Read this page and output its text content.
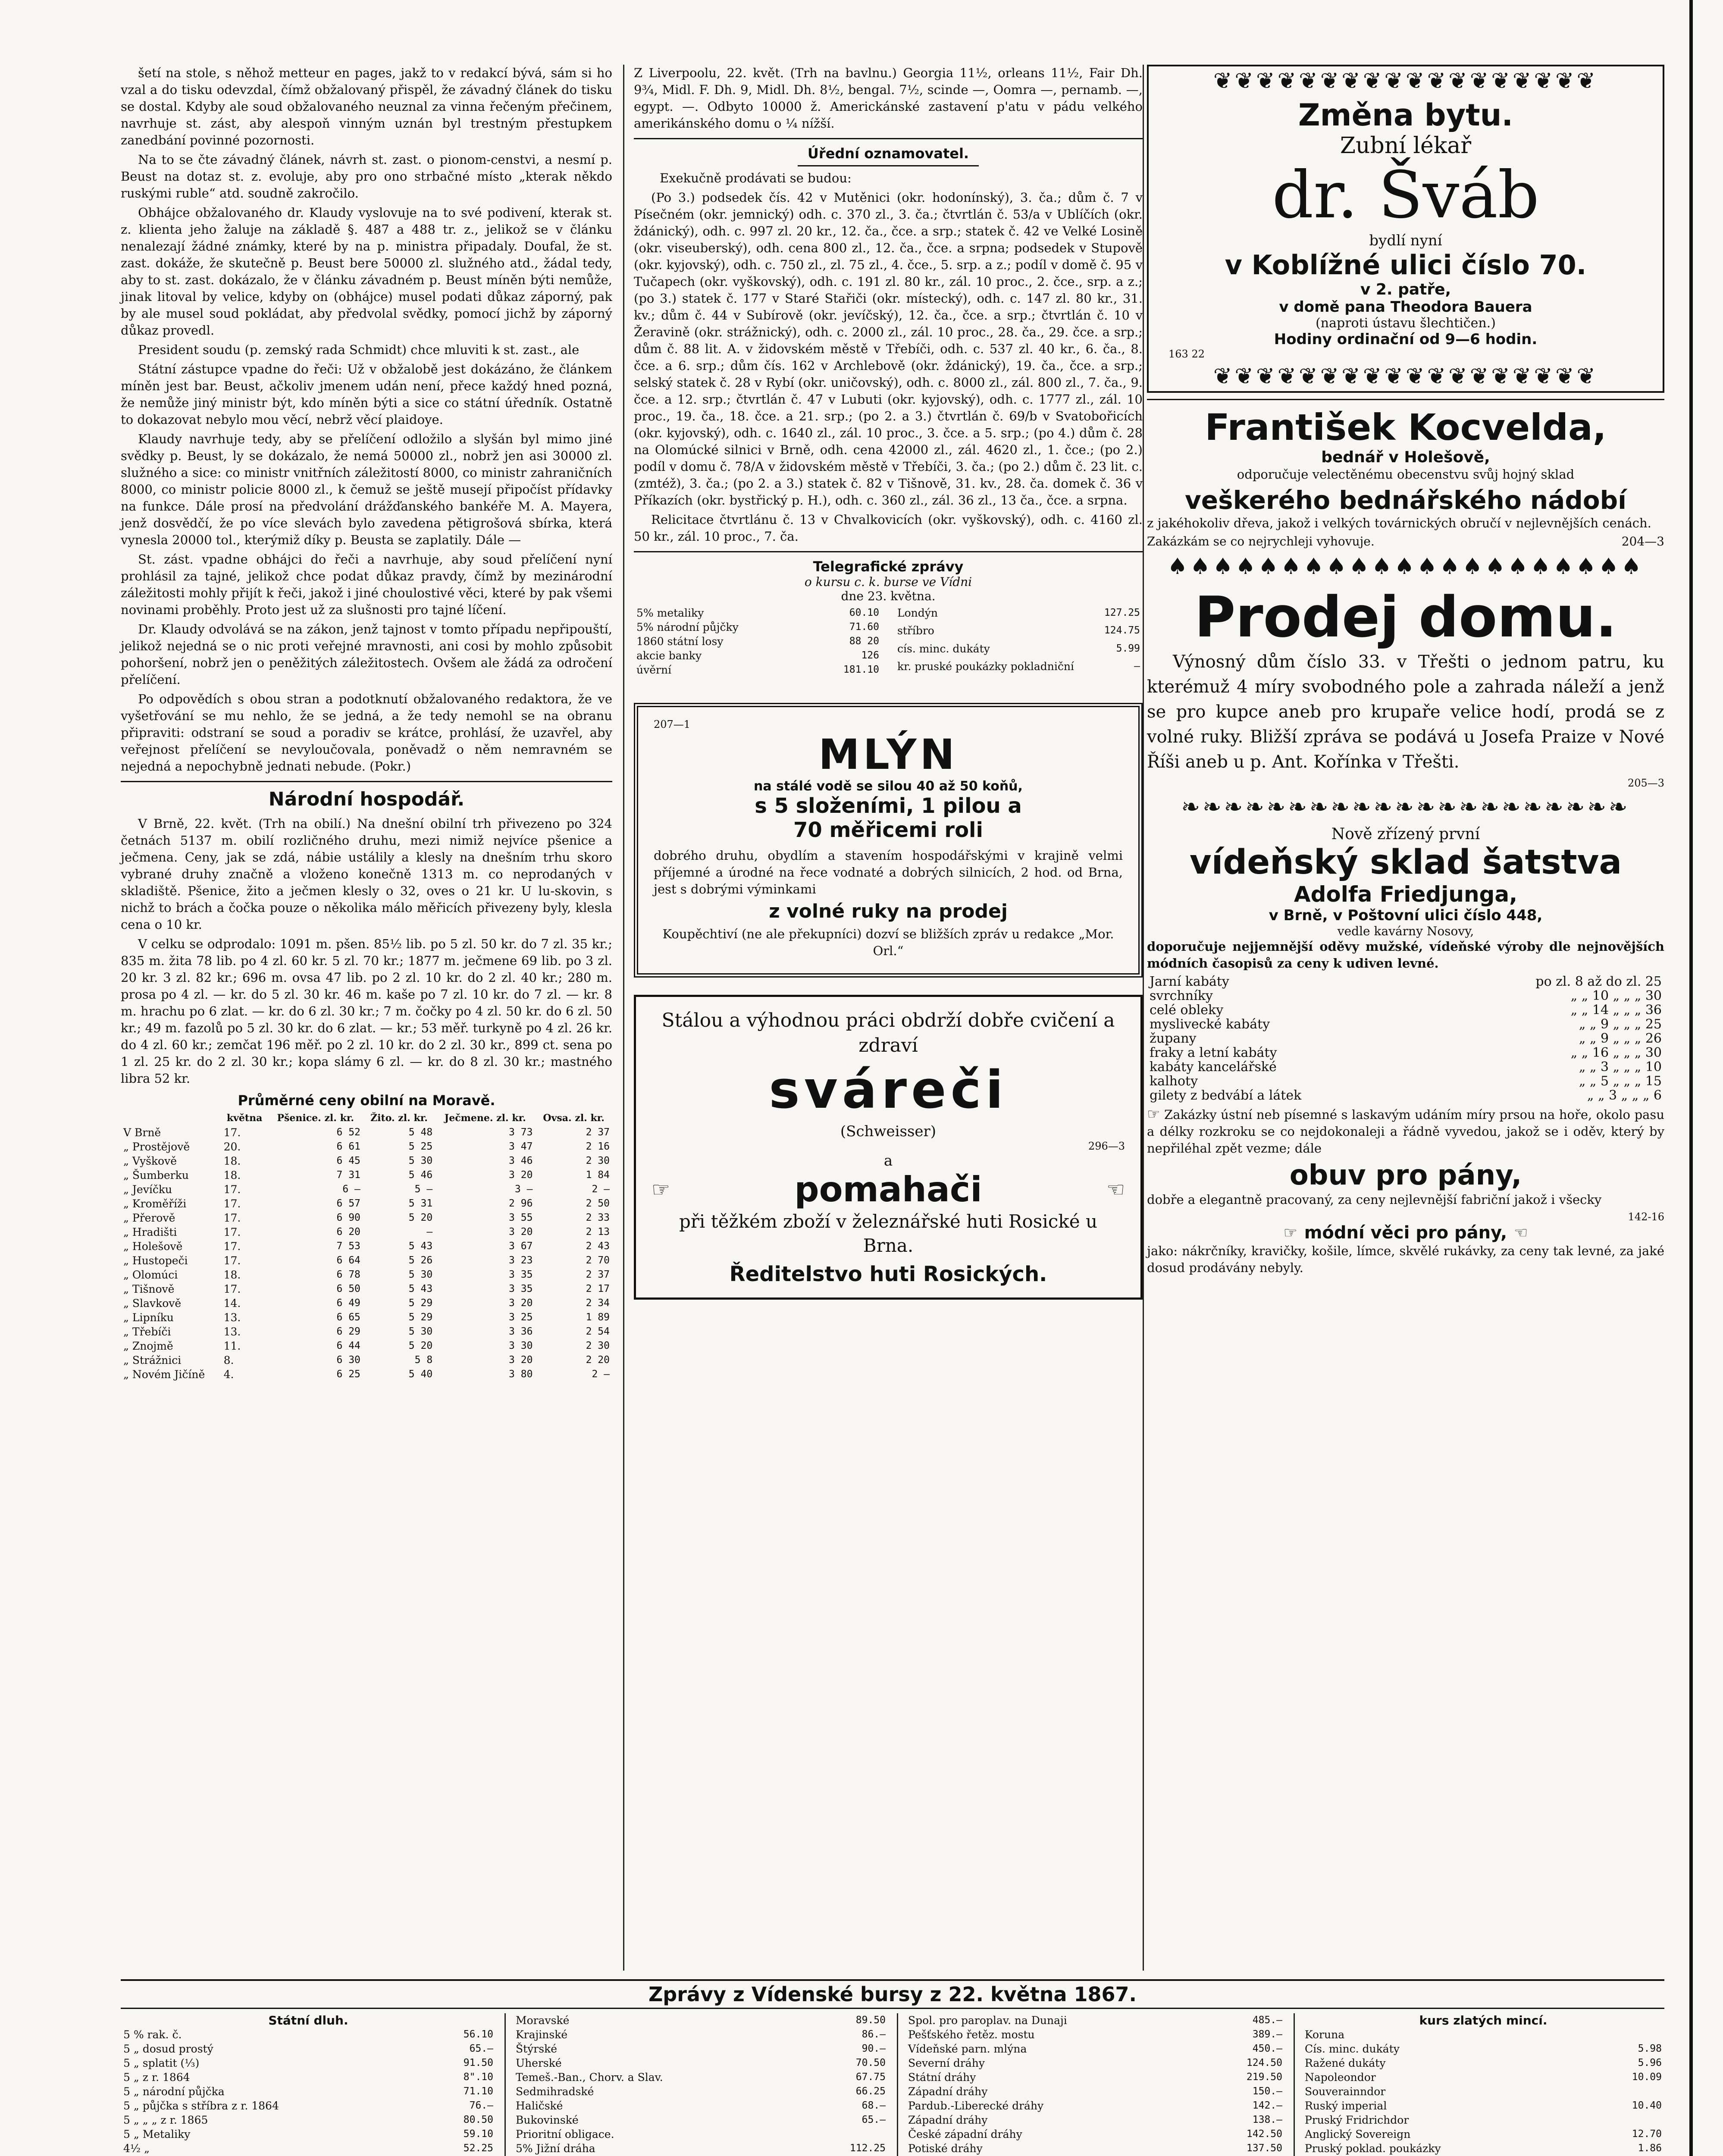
šetí na stole, s něhož metteur en pages, jakž to v redakcí bývá, sám si ho vzal a do tisku odevzdal, čímž obžalovaný přispěl, že závadný článek do tisku se dostal. Kdyby ale soud obžalovaného neuznal za vinna řečeným přečinem, navrhuje st. zást, aby alespoň vinným uznán byl trestným přestupkem zanedbání povinné pozornosti.

Na to se čte závadný článek, návrh st. zast. o pionom-censtvi, a nesmí p. Beust na dotaz st. z. evoluje, aby pro ono strbačné místo „kterak někdo ruskými ruble“ atd. soudně zakročilo.

Obhájce obžalovaného dr. Klaudy vyslovuje na to své podivení, kterak st. z. klienta jeho žaluje na základě §. 487 a 488 tr. z., jelikož se v článku nenalezají žádné známky, které by na p. ministra připadaly. Doufal, že st. zast. dokáže, že skutečně p. Beust bere 50000 zl. služného atd., žádal tedy, aby to st. zast. dokázalo, že v článku závadném p. Beust míněn býti nemůže, jinak litoval by velice, kdyby on (obhájce) musel podati důkaz záporný, pak by ale musel soud pokládat, aby předvolal svědky, pomocí jichž by záporný důkaz provedl.

President soudu (p. zemský rada Schmidt) chce mluviti k st. zast., ale

Státní zástupce vpadne do řeči: Už v obžalobě jest dokázáno, že článkem míněn jest bar. Beust, ačkoliv jmenem udán není, přece každý hned pozná, že nemůže jiný ministr být, kdo míněn býti a sice co státní úředník. Ostatně to dokazovat nebylo mou věcí, nebrž věcí plaidoye.

Klaudy navrhuje tedy, aby se přelíčení odložilo a slyšán byl mimo jiné svědky p. Beust, ly se dokázalo, že nemá 50000 zl., nobrž jen asi 30000 zl. služného a sice: co ministr vnitřních záležitostí 8000, co ministr zahraničních 8000, co ministr policie 8000 zl., k čemuž se ještě musejí připočíst přídavky na funkce. Dále prosí na předvolání drážďanského bankéře M. A. Mayera, jenž dosvědčí, že po více slevách bylo zavedena pětigrošová sbírka, která vynesla 20000 tol., kterýmiž díky p. Beusta se zaplatily. Dále —

St. zást. vpadne obhájci do řeči a navrhuje, aby soud přelíčení nyní prohlásil za tajné, jelikož chce podat důkaz pravdy, čímž by mezinárodní záležitosti mohly přijít k řeči, jakož i jiné choulostivé věci, které by pak všemi novinami proběhly. Proto jest už za slušnosti pro tajné líčení.

Dr. Klaudy odvolává se na zákon, jenž tajnost v tomto případu nepřipouští, jelikož nejedná se o nic proti veřejné mravnosti, ani cosi by mohlo způsobit pohoršení, nobrž jen o peněžitých záležitostech. Ovšem ale žádá za odročení přelíčení.

Po odpovědích s obou stran a podotknutí obžalovaného redaktora, že ve vyšetřování se mu nehlo, že se jedná, a že tedy nemohl se na obranu připraviti: odstraní se soud a poradiv se krátce, prohlásí, že uzavřel, aby veřejnost přelíčení se nevyloučovala, poněvadž o něm nemravném se nejedná a nepochybně jednati nebude. (Pokr.)

Národní hospodář.

V Brně, 22. květ. (Trh na obilí.) Na dnešní obilní trh přivezeno po 324 četnách 5137 m. obilí rozličného druhu, mezi nimiž nejvíce pšenice a ječmena. Ceny, jak se zdá, nábie ustálily a klesly na dnešním trhu skoro vybrané druhy značně a vloženo konečně 1313 m. co neprodaných v skladiště. Pšenice, žito a ječmen klesly o 32, oves o 21 kr. U lu-skovin, s nichž to brách a čočka pouze o několika málo měřicích přivezeny byly, klesla cena o 10 kr.

V celku se odprodalo: 1091 m. pšen. 85¹⁄₂ lib. po 5 zl. 50 kr. do 7 zl. 35 kr.; 835 m. žita 78 lib. po 4 zl. 60 kr. 5 zl. 70 kr.; 1877 m. ječmene 69 lib. po 3 zl. 20 kr. 3 zl. 82 kr.; 696 m. ovsa 47 lib. po 2 zl. 10 kr. do 2 zl. 40 kr.; 280 m. prosa po 4 zl. — kr. do 5 zl. 30 kr. 46 m. kaše po 7 zl. 10 kr. do 7 zl. — kr. 8 m. hrachu po 6 zlat. — kr. do 6 zl. 30 kr.; 7 m. čočky po 4 zl. 50 kr. do 6 zl. 50 kr.; 49 m. fazolů po 5 zl. 30 kr. do 6 zlat. — kr.; 53 měř. turkyně po 4 zl. 26 kr. do 4 zl. 60 kr.; zemčat 196 měř. po 2 zl. 10 kr. do 2 zl. 30 kr., 899 ct. sena po 1 zl. 25 kr. do 2 zl. 30 kr.; kopa slámy 6 zl. — kr. do 8 zl. 30 kr.; mastného libra 52 kr.

Průměrné ceny obilní na Moravě.
	května	Pšenice. zl. kr.	Žito. zl. kr.	Ječmene. zl. kr.	Ovsa. zl. kr.
V Brně	17.	6 52	5 48	3 73	2 37
„ Prostějově	20.	6 61	5 25	3 47	2 16
„ Vyškově	18.	6 45	5 30	3 46	2 30
„ Šumberku	18.	7 31	5 46	3 20	1 84
„ Jevíčku	17.	6 —	5 —	3 —	2 —
„ Kroměříži	17.	6 57	5 31	2 96	2 50
„ Přerově	17.	6 90	5 20	3 55	2 33
„ Hradišti	17.	6 20	—	3 20	2 13
„ Holešově	17.	7 53	5 43	3 67	2 43
„ Hustopeči	17.	6 64	5 26	3 23	2 70
„ Olomúci	18.	6 78	5 30	3 35	2 37
„ Tišnově	17.	6 50	5 43	3 35	2 17
„ Slavkově	14.	6 49	5 29	3 20	2 34
„ Lipníku	13.	6 65	5 29	3 25	1 89
„ Třebíči	13.	6 29	5 30	3 36	2 54
„ Znojmě	11.	6 44	5 20	3 30	2 30
„ Strážnici	8.	6 30	5 8	3 20	2 20
„ Novém Jičíně	4.	6 25	5 40	3 80	2 —

Z Liverpoolu, 22. květ. (Trh na bavlnu.) Georgia 11¹⁄₂, orleans 11¹⁄₂, Fair Dh. 9³⁄₄, Midl. F. Dh. 9, Midl. Dh. 8¹⁄₂, bengal. 7¹⁄₂, scinde —, Oomra —, pernamb. —, egypt. —. Odbyto 10000 ž. Americkánské zastavení p'atu v pádu velkého amerikánského domu o ¹⁄₄ nížší.

Úřední oznamovatel.

Exekučně prodávati se budou:

(Po 3.) podsedek čís. 42 v Mutěnici (okr. hodonínský), 3. ča.; dům č. 7 v Písečném (okr. jemnický) odh. c. 370 zl., 3. ča.; čtvrtlán č. 53/a v Ublíčích (okr. ždánický), odh. c. 997 zl. 20 kr., 12. ča., čce. a srp.; statek č. 42 ve Velké Losině (okr. viseuberský), odh. cena 800 zl., 12. ča., čce. a srpna; podsedek v Stupově (okr. kyjovský), odh. c. 750 zl., zl. 75 zl., 4. čce., 5. srp. a z.; podíl v domě č. 95 v Tučapech (okr. vyškovský), odh. c. 191 zl. 80 kr., zál. 10 proc., 2. čce., srp. a z.; (po 3.) statek č. 177 v Staré Stařiči (okr. místecký), odh. c. 147 zl. 80 kr., 31. kv.; dům č. 44 v Subírově (okr. jevíčský), 12. ča., čce. a srp.; čtvrtlán č. 10 v Žeravině (okr. strážnický), odh. c. 2000 zl., zál. 10 proc., 28. ča., 29. čce. a srp.; dům č. 88 lit. A. v židovském městě v Třebíči, odh. c. 537 zl. 40 kr., 6. ča., 8. čce. a 6. srp.; dům čís. 162 v Archlebově (okr. ždánický), 19. ča., čce. a srp.; selský statek č. 28 v Rybí (okr. uničovský), odh. c. 8000 zl., zál. 800 zl., 7. ča., 9. čce. a 12. srp.; čtvrtlán č. 47 v Lubuti (okr. kyjovský), odh. c. 1777 zl., zál. 10 proc., 19. ča., 18. čce. a 21. srp.; (po 2. a 3.) čtvrtlán č. 69/b v Svatobořicích (okr. kyjovský), odh. c. 1640 zl., zál. 10 proc., 3. čce. a 5. srp.; (po 4.) dům č. 28 na Olomúcké silnici v Brně, odh. cena 42000 zl., zál. 4620 zl., 1. čce.; (po 2.) podíl v domu č. 78/A v židovském městě v Třebíči, 3. ča.; (po 2.) dům č. 23 lit. c. (zmtéž), 3. ča.; (po 2. a 3.) statek č. 82 v Tišnově, 31. kv., 28. ča. domek č. 36 v Příkazích (okr. bystřický p. H.), odh. c. 360 zl., zál. 36 zl., 13 ča., čce. a srpna.

Relicitace čtvrtlánu č. 13 v Chvalkovicích (okr. vyškovský), odh. c. 4160 zl. 50 kr., zál. 10 proc., 7. ča.

Telegrafické zprávy
o kursu c. k. burse ve Vídni
dne 23. května.
5% metaliky	60.10
5% národní půjčky	71.60
1860 státní losy	88 20
akcie banky	126
úvěrní	181.10
Londýn	127.25
stříbro	124.75
cís. minc. dukáty	5.99
kr. pruské poukázky pokladniční	—
207—1
MLÝN
na stálé vodě se silou 40 až 50 koňů,
s 5 složeními, 1 pilou a
70 měřicemi roli

dobrého druhu, obydlím a stavením hospodářskými v krajině velmi příjemné a úrodné na řece vodnaté a dobrých silnicích, 2 hod. od Brna, jest s dobrými výminkami

z volné ruky na prodej

Koupěchtiví (ne ale překupníci) dozví se bližších zpráv u redakce „Mor. Orl.“

Stálou a výhodnou práci obdrží dobře cvičení a zdraví
sváreči
(Schweisser)
296—3
a
☞	pomahači	☜
při těžkém zboží v železnářské huti Rosické u Brna.
Ředitelstvo huti Rosických.
❦❦❦❦❦❦❦❦❦❦❦❦❦❦❦❦❦❦
Změna bytu.
Zubní lékař
dr. Šváb
bydlí nyní
v Koblížné ulici číslo 70.
v 2. patře,
v domě pana Theodora Bauera
(naproti ústavu šlechtičen.)
Hodiny ordinační od 9—6 hodin.
163 22
❦❦❦❦❦❦❦❦❦❦❦❦❦❦❦❦❦❦
František Kocvelda,
bednář v Holešově,

odporučuje velectěnému obecenstvu svůj hojný sklad

veškerého bednářského nádobí

z jakéhokoliv dřeva, jakož i velkých továrnických obručí v nejlevnějších cenách.

Zakázkám se co nejrychleji vyhovuje.	204—3
♠♠♠♠♠♠♠♠♠♠♠♠♠♠♠♠♠♠♠♠♠
Prodej domu.

Výnosný dům číslo 33. v Třešti o jednom patru, ku kterémuž 4 míry svobodného pole a zahrada náleží a jenž se pro kupce aneb pro krupaře velice hodí, prodá se z volné ruky. Bližší zpráva se podává u Josefa Praize v Nové Říši aneb u p. Ant. Kořínka v Třešti.

205—3
❧❧❧❧❧❧❧❧❧❧❧❧❧❧❧❧❧❧❧❧❧
Nově zřízený první
vídeňský sklad šatstva
Adolfa Friedjunga,
v Brně, v Poštovní ulici číslo 448,
vedle kavárny Nosovy,

doporučuje nejjemnější oděvy mužské, vídeňské výroby dle nejnovějších módních časopisů za ceny k udiven levné.

Jarní kabáty	po zl. 8 až do zl. 25
svrchníky	„ „ 10 „ „ „ 30
celé obleky	„ „ 14 „ „ „ 36
myslivecké kabáty	„ „ 9 „ „ „ 25
župany	„ „ 9 „ „ „ 26
fraky a letní kabáty	„ „ 16 „ „ „ 30
kabáty kancelářské	„ „ 3 „ „ „ 10
kalhoty	„ „ 5 „ „ „ 15
gilety z bedvábí a látek	„ „ 3 „ „ „ 6

☞ Zakázky ústní neb písemné s laskavým udáním míry prsou na hoře, okolo pasu a délky rozkroku se co nejdokonaleji a řádně vyvedou, jakož se i oděv, který by nepřiléhal zpět vezme; dále

obuv pro pány,

dobře a elegantně pracovaný, za ceny nejlevnější fabriční jakož i všecky

142-16
☞ módní věci pro pány, ☜

jako: nákrčníky, kravičky, košile, límce, skvělé rukávky, za ceny tak levné, za jaké dosud prodávány nebyly.

Zprávy z Vídenské bursy z 22. května 1867.
Státní dluh.
5 % rak. č.	56.10
5 „ dosud prostý	65.—
5 „ splatit (¹⁄₃)	91.50
5 „ z r. 1864	8".10
5 „ národní půjčka	71.10
5 „ půjčka s stříbra z r. 1864	76.—
5 „ „ „ z r. 1865	80.50
5 „ Metaliky	59.10
4¹⁄₂ „	52.25

Moravské	89.50
Krajinské	86.—
Štýrské	90.—
Uherské	70.50
Temeš.-Ban., Chorv. a Slav.	67.75
Sedmihradské	66.25
Haličské	68.—
Bukovinské	65.—
Prioritní obligace.	
5% Jižní dráha	112.25

Spol. pro paroplav. na Dunaji	485.—
Pešťského řetěz. mostu	389.—
Vídeňské parn. mlýna	450.—
Severní dráhy	124.50
Státní dráhy	219.50
Západní dráhy	150.—
Pardub.-Liberecké dráhy	142.—
Západní dráhy	138.—
České západní dráhy	142.50
Potiské dráhy	137.50

kurs zlatých mincí.
Koruna	
Cís. minc. dukáty	5.98
Ražené dukáty	5.96
Napoleondor	10.09
Souverainndor	
Ruský imperial	10.40
Pruský Fridrichdor	
Anglický Sovereign	12.70
Pruský poklad. poukázky	1.86
